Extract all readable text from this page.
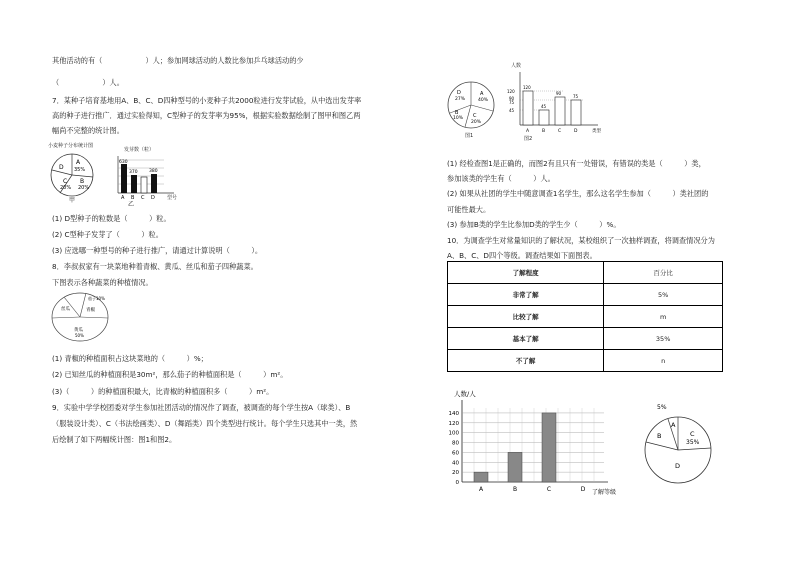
其他活动的有（　　　　　　）人；参加网球活动的人数比参加乒乓球活动的少
（　　　　　　）人。
7．某种子培育基地用A、B、C、D四种型号的小麦种子共2000粒进行发芽试验，从中选出发芽率
高的种子进行推广．通过实验得知，C型种子的发芽率为95%，根据实验数据绘制了图甲和图乙两
幅尚不完整的统计图。
小麦种子分布统计图
D
A
35%
B
20%
C
20%
甲
发芽数（粒）
630
370	380
A B C D 型号
乙
(1) D型种子的粒数是（　　　）粒。
(2) C型种子发芽了（　　　）粒。
(3) 应选哪一种型号的种子进行推广，请通过计算说明（　　　）。
8．李叔叔家有一块菜地种着青椒、黄瓜、丝瓜和茄子四种蔬菜。
下图表示各种蔬菜的种植情况。
茄子10%
丝瓜	青椒
黄瓜
50%
(1) 青椒的种植面积占这块菜地的（　　　）%；
(2) 已知丝瓜的种植面积是30m²，那么茄子的种植面积是（　　　）m²。
(3)（　　　）的种植面积最大，比青椒的种植面积多（　　　）m²。
9．实验中学学校团委对学生参加社团活动的情况作了调查，被调查的每个学生按A（球类）、B
（服装设计类）、C（书法绘画类）、D（舞蹈类）四个类型进行统计。每个学生只选其中一类，然
后绘制了如下两幅统计图：图1和图2。
D
27%
A
40%
B
10% C
20%
图1
人数
120
90
75
45
120
45
90
75
A	B	C	D	类型
图2
(1) 经检查图1是正确的，而图2有且只有一处错误，有错误的类是（　　　）类，
参加该类的学生有（　　　）人。
(2) 如果从社团的学生中随意调查1名学生，那么这名学生参加（　　　）类社团的
可能性最大。
(3) 参加B类的学生比参加D类的学生少（　　　）%。
10．为调查学生对常量知识的了解状况，某校组织了一次抽样调查，将调查情况分为
A、B、C、D四个等级。调查结果如下面图表。
了解程度	百分比
非常了解	5%
比较了解	m
基本了解	35%
不了解	n
人数/人
0
20
40
60
80
100
120
140
A	B	C	D 了解等级
5%
A
B	C
35%
D
